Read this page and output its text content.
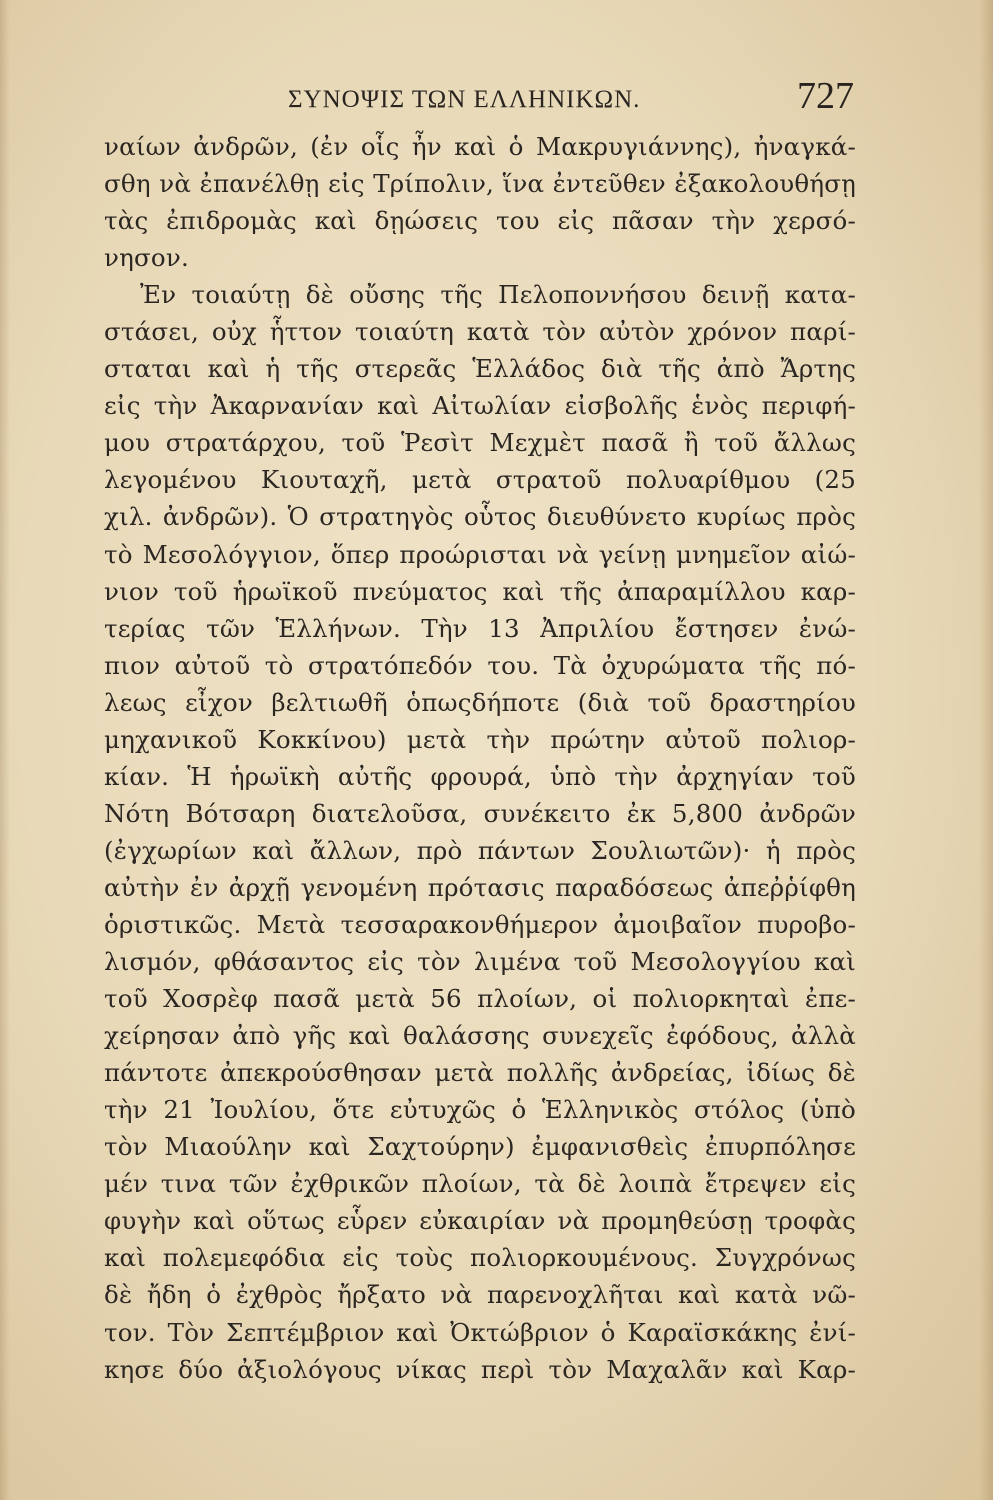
ΣΥΝΟΨΙΣ ΤΩΝ ΕΛΛΗΝΙΚΩΝ.	727
ναίων ἀνδρῶν, (ἐν οἷς ἦν καὶ ὁ Μακρυγιάννης), ἠναγκά-
σθη νὰ ἐπανέλθῃ εἰς Τρίπολιν, ἵνα ἐντεῦθεν ἐξακολουθήσῃ
τὰς ἐπιδρομὰς καὶ δῃώσεις του εἰς πᾶσαν τὴν χερσό-
νησον.
Ἐν τοιαύτῃ δὲ οὔσης τῆς Πελοποννήσου δεινῇ κατα-
στάσει, οὐχ ἧττον τοιαύτη κατὰ τὸν αὐτὸν χρόνον παρί-
σταται καὶ ἡ τῆς στερεᾶς Ἑλλάδος διὰ τῆς ἀπὸ Ἄρτης
εἰς τὴν Ἀκαρνανίαν καὶ Αἰτωλίαν εἰσβολῆς ἑνὸς περιφή-
μου στρατάρχου, τοῦ Ῥεσὶτ Μεχμὲτ πασᾶ ἢ τοῦ ἄλλως
λεγομένου Κιουταχῆ, μετὰ στρατοῦ πολυαρίθμου (25
χιλ. ἀνδρῶν). Ὁ στρατηγὸς οὗτος διευθύνετο κυρίως πρὸς
τὸ Μεσολόγγιον, ὅπερ προώρισται νὰ γείνῃ μνημεῖον αἰώ-
νιον τοῦ ἡρωϊκοῦ πνεύματος καὶ τῆς ἀπαραμίλλου καρ-
τερίας τῶν Ἑλλήνων. Τὴν 13 Ἀπριλίου ἔστησεν ἐνώ-
πιον αὐτοῦ τὸ στρατόπεδόν του. Τὰ ὀχυρώματα τῆς πό-
λεως εἶχον βελτιωθῆ ὁπωςδήποτε (διὰ τοῦ δραστηρίου
μηχανικοῦ Κοκκίνου) μετὰ τὴν πρώτην αὐτοῦ πολιορ-
κίαν. Ἡ ἡρωϊκὴ αὐτῆς φρουρά, ὑπὸ τὴν ἀρχηγίαν τοῦ
Νότη Βότσαρη διατελοῦσα, συνέκειτο ἐκ 5,800 ἀνδρῶν
(ἐγχωρίων καὶ ἄλλων, πρὸ πάντων Σουλιωτῶν)· ἡ πρὸς
αὐτὴν ἐν ἀρχῇ γενομένη πρότασις παραδόσεως ἀπεῤῥίφθη
ὁριστικῶς. Μετὰ τεσσαρακονθήμερον ἀμοιβαῖον πυροβο-
λισμόν, φθάσαντος εἰς τὸν λιμένα τοῦ Μεσολογγίου καὶ
τοῦ Χοσρὲφ πασᾶ μετὰ 56 πλοίων, οἱ πολιορκηταὶ ἐπε-
χείρησαν ἀπὸ γῆς καὶ θαλάσσης συνεχεῖς ἐφόδους, ἀλλὰ
πάντοτε ἀπεκρούσθησαν μετὰ πολλῆς ἀνδρείας, ἰδίως δὲ
τὴν 21 Ἰουλίου, ὅτε εὐτυχῶς ὁ Ἑλληνικὸς στόλος (ὑπὸ
τὸν Μιαούλην καὶ Σαχτούρην) ἐμφανισθεὶς ἐπυρπόλησε
μέν τινα τῶν ἐχθρικῶν πλοίων, τὰ δὲ λοιπὰ ἔτρεψεν εἰς
φυγὴν καὶ οὕτως εὗρεν εὐκαιρίαν νὰ προμηθεύσῃ τροφὰς
καὶ πολεμεφόδια εἰς τοὺς πολιορκουμένους. Συγχρόνως
δὲ ἤδη ὁ ἐχθρὸς ἤρξατο νὰ παρενοχλῆται καὶ κατὰ νῶ-
τον. Τὸν Σεπτέμβριον καὶ Ὀκτώβριον ὁ Καραϊσκάκης ἐνί-
κησε δύο ἀξιολόγους νίκας περὶ τὸν Μαχαλᾶν καὶ Καρ-
